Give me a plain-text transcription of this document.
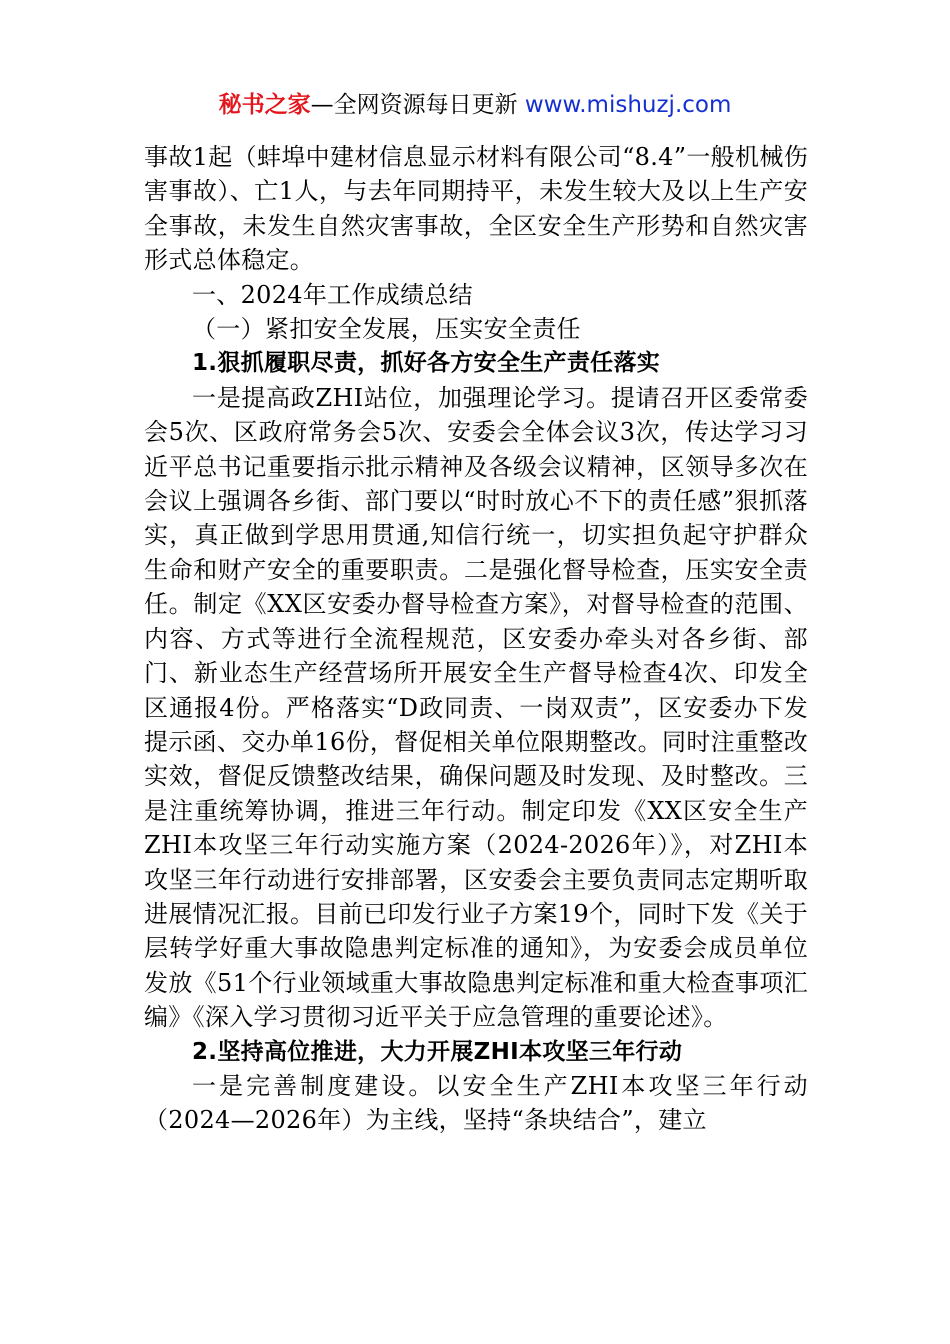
秘书之家—全网资源每日更新 www.mishuzj.com

事故1起（蚌埠中建材信息显示材料有限公司“8.4”一般机械伤害事故）、亡1人，与去年同期持平，未发生较大及以上生产安全事故，未发生自然灾害事故，全区安全生产形势和自然灾害形式总体稳定。

一、2024年工作成绩总结

（一）紧扣安全发展，压实安全责任

1.狠抓履职尽责，抓好各方安全生产责任落实

一是提高政ZHI站位，加强理论学习。提请召开区委常委会5次、区政府常务会5次、安委会全体会议3次，传达学习习近平总书记重要指示批示精神及各级会议精神，区领导多次在会议上强调各乡街、部门要以“时时放心不下的责任感”狠抓落实，真正做到学思用贯通,知信行统一，切实担负起守护群众生命和财产安全的重要职责。二是强化督导检查，压实安全责任。制定《XX区安委办督导检查方案》，对督导检查的范围、内容、方式等进行全流程规范，区安委办牵头对各乡街、部门、新业态生产经营场所开展安全生产督导检查4次、印发全区通报4份。严格落实“D政同责、一岗双责”，区安委办下发提示函、交办单16份，督促相关单位限期整改。同时注重整改实效，督促反馈整改结果，确保问题及时发现、及时整改。三是注重统筹协调，推进三年行动。制定印发《XX区安全生产ZHI本攻坚三年行动实施方案（2024-2026年）》，对ZHI本攻坚三年行动进行安排部署，区安委会主要负责同志定期听取进展情况汇报。目前已印发行业子方案19个，同时下发《关于层转学好重大事故隐患判定标准的通知》，为安委会成员单位发放《51个行业领域重大事故隐患判定标准和重大检查事项汇编》《深入学习贯彻习近平关于应急管理的重要论述》。

2.坚持高位推进，大力开展ZHI本攻坚三年行动

一是完善制度建设。以安全生产ZHI本攻坚三年行动（2024—2026年）为主线，坚持“条块结合”，建立
